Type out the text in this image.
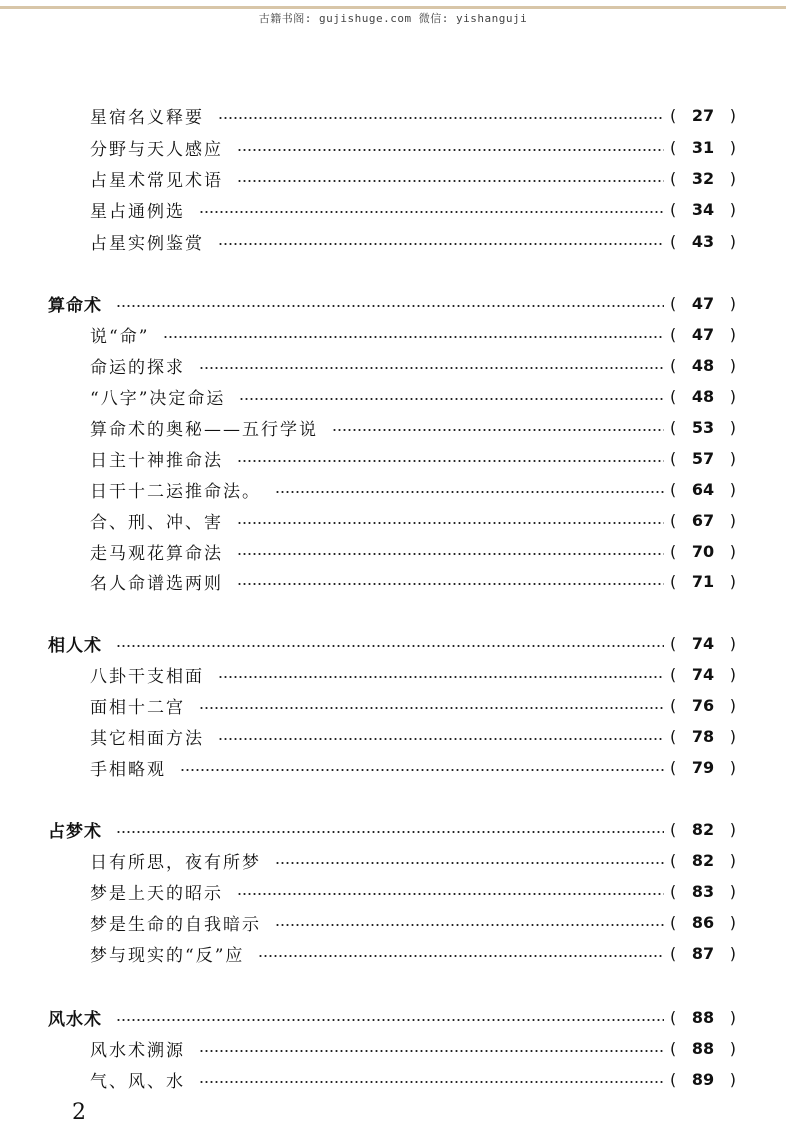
古籍书阁: gujishuge.com 微信: yishanguji
星宿名义释要	( 27 )
分野与天人感应	( 31 )
占星术常见术语	( 32 )
星占通例选	( 34 )
占星实例鉴赏	( 43 )
算命术	( 47 )
说“命”	( 47 )
命运的探求	( 48 )
“八字”决定命运	( 48 )
算命术的奥秘——五行学说	( 53 )
日主十神推命法	( 57 )
日干十二运推命法。	( 64 )
合、刑、冲、害	( 67 )
走马观花算命法	( 70 )
名人命谱选两则	( 71 )
相人术	( 74 )
八卦干支相面	( 74 )
面相十二宫	( 76 )
其它相面方法	( 78 )
手相略观	( 79 )
占梦术	( 82 )
日有所思，夜有所梦	( 82 )
梦是上天的昭示	( 83 )
梦是生命的自我暗示	( 86 )
梦与现实的“反”应	( 87 )
风水术	( 88 )
风水术溯源	( 88 )
气、风、水	( 89 )
2
